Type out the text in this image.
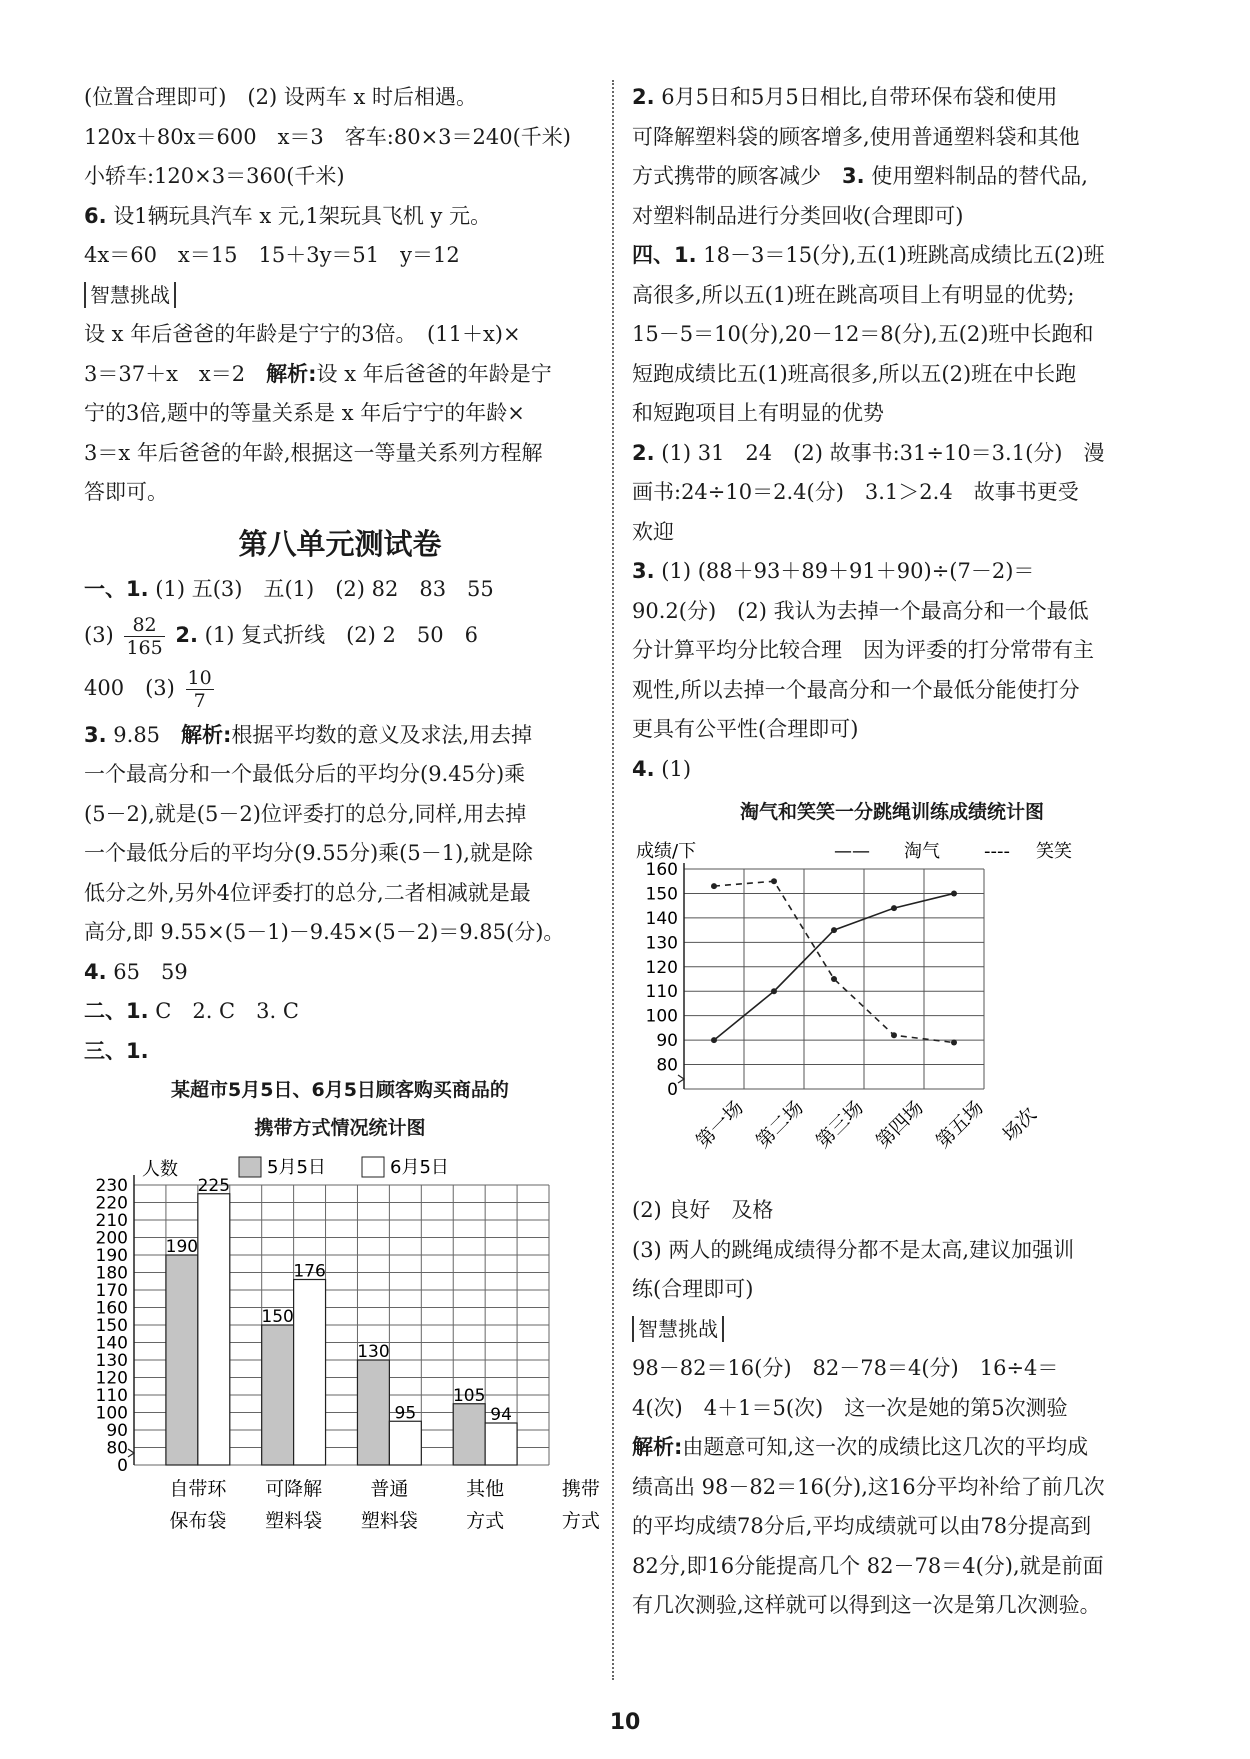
(位置合理即可)　(2) 设两车 x 时后相遇。

120x＋80x＝600　x＝3　客车:80×3＝240(千米)

小轿车:120×3＝360(千米)

6. 设1辆玩具汽车 x 元,1架玩具飞机 y 元。

4x＝60　x＝15　15＋3y＝51　y＝12

智慧挑战

设 x 年后爸爸的年龄是宁宁的3倍。　(11＋x)×

3＝37＋x　x＝2　解析:设 x 年后爸爸的年龄是宁

宁的3倍,题中的等量关系是 x 年后宁宁的年龄×

3＝x 年后爸爸的年龄,根据这一等量关系列方程解

答即可。

第八单元测试卷

一、1. (1) 五(3)　五(1)　(2) 82　83　55

$(3) \frac{82}{165} 2$. (1) 复式折线　(2) 2　50　6

400　$(3) \frac{10}{7}$

3. 9.85　解析:根据平均数的意义及求法,用去掉

一个最高分和一个最低分后的平均分(9.45分)乘

(5－2),就是(5－2)位评委打的总分,同样,用去掉

一个最低分后的平均分(9.55分)乘(5－1),就是除

低分之外,另外4位评委打的总分,二者相减就是最

高分,即 9.55×(5－1)－9.45×(5－2)＝9.85(分)。

4. 65　59

二、1. C　2. C　3. C

三、1.

某超市5月5日、6月5日顾客购买商品的
携带方式情况统计图
0
80
90
100
110
120
130
140
150
160
170
180
190
200
210
220
230
人数	5月5日	6月5日
190
225
150
176
130
95
105
94
自带环
保布袋
可降解
塑料袋
普通
塑料袋
其他
方式
携带
方式

2. 6月5日和5月5日相比,自带环保布袋和使用

可降解塑料袋的顾客增多,使用普通塑料袋和其他

方式携带的顾客减少　3. 使用塑料制品的替代品,

对塑料制品进行分类回收(合理即可)

四、1. 18－3＝15(分),五(1)班跳高成绩比五(2)班

高很多,所以五(1)班在跳高项目上有明显的优势;

15－5＝10(分),20－12＝8(分),五(2)班中长跑和

短跑成绩比五(1)班高很多,所以五(2)班在中长跑

和短跑项目上有明显的优势

2. (1) 31　24　(2) 故事书:31÷10＝3.1(分)　漫

画书:24÷10＝2.4(分)　3.1＞2.4　故事书更受

欢迎

3. (1) (88＋93＋89＋91＋90)÷(7－2)＝

90.2(分)　(2) 我认为去掉一个最高分和一个最低

分计算平均分比较合理　因为评委的打分常带有主

观性,所以去掉一个最高分和一个最低分能使打分

更具有公平性(合理即可)

4. (1)

淘气和笑笑一分跳绳训练成绩统计图
0
80
90
100
110
120
130
140
150
160
成绩/下	—— 淘气 ---- 笑笑
第一场 第二场 第三场 第四场 第五场 场次

(2) 良好　及格

(3) 两人的跳绳成绩得分都不是太高,建议加强训

练(合理即可)

智慧挑战

98－82＝16(分)　82－78＝4(分)　16÷4＝

4(次)　4＋1＝5(次)　这一次是她的第5次测验

解析:由题意可知,这一次的成绩比这几次的平均成

绩高出 98－82＝16(分),这16分平均补给了前几次

的平均成绩78分后,平均成绩就可以由78分提高到

82分,即16分能提高几个 82－78＝4(分),就是前面

有几次测验,这样就可以得到这一次是第几次测验。

10
